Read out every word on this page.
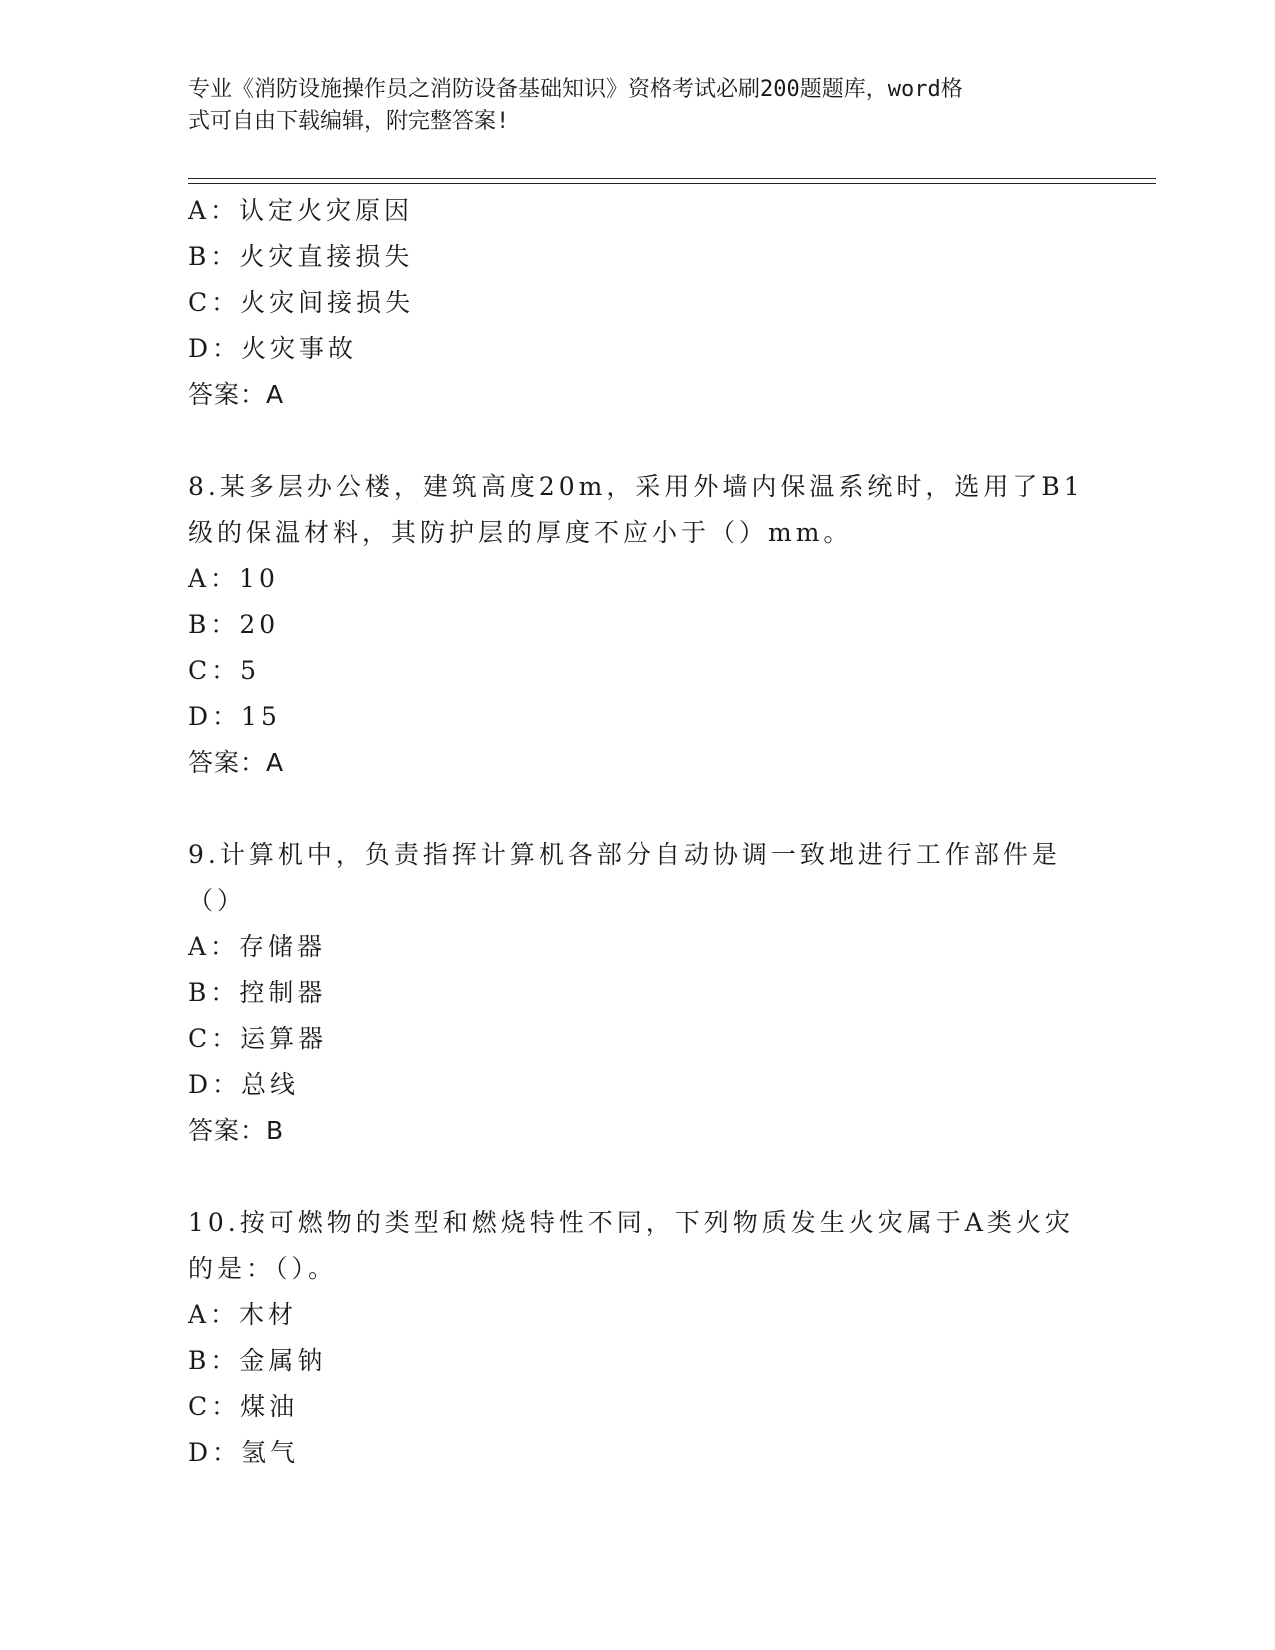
专业《消防设施操作员之消防设备基础知识》资格考试必刷200题题库，word格
式可自由下载编辑，附完整答案!
A：认定火灾原因
B：火灾直接损失
C：火灾间接损失
D：火灾事故
答案：A
8.某多层办公楼，建筑高度20m，采用外墙内保温系统时，选用了B1
级的保温材料，其防护层的厚度不应小于（）mm。
A：10
B：20
C：5
D：15
答案：A
9.计算机中，负责指挥计算机各部分自动协调一致地进行工作部件是
（）
A：存储器
B：控制器
C：运算器
D：总线
答案：B
10.按可燃物的类型和燃烧特性不同，下列物质发生火灾属于A类火灾
的是：（）。
A：木材
B：金属钠
C：煤油
D：氢气
